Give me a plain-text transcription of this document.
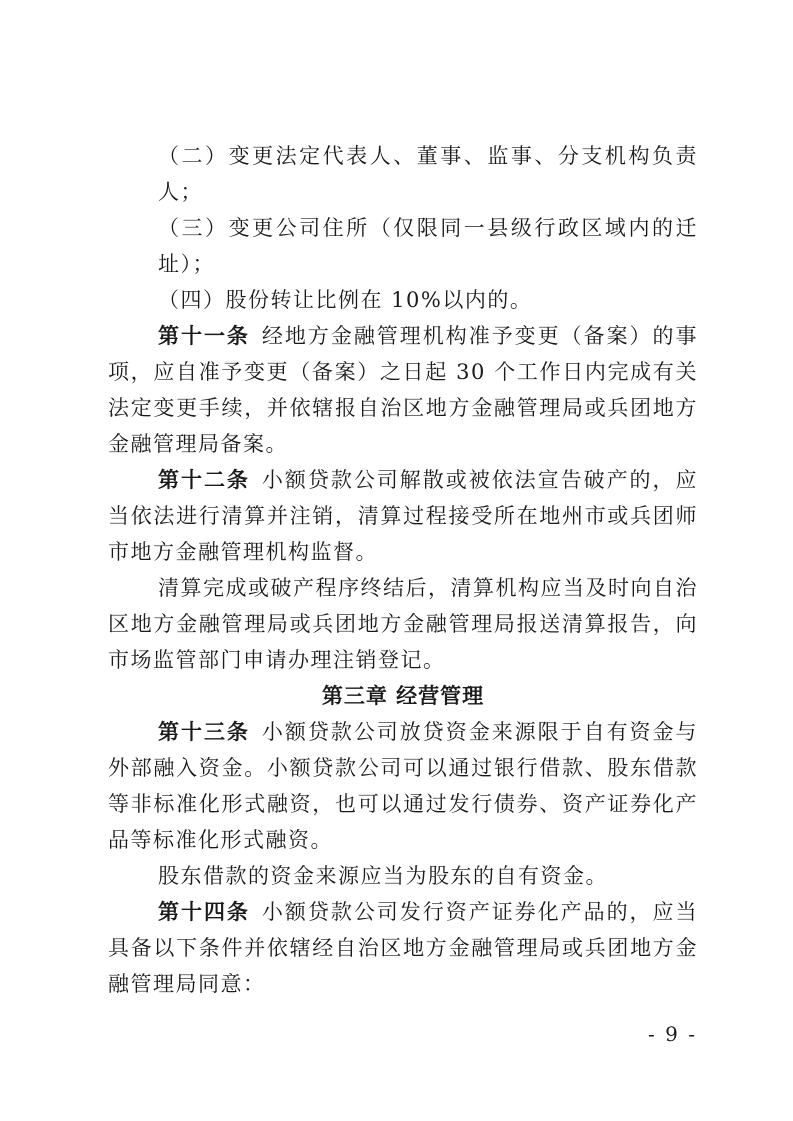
（二）变更法定代表人、董事、监事、分支机构负责人；

（三）变更公司住所（仅限同一县级行政区域内的迁址）；

（四）股份转让比例在 10%以内的。

第十一条 经地方金融管理机构准予变更（备案）的事项，应自准予变更（备案）之日起 30 个工作日内完成有关法定变更手续，并依辖报自治区地方金融管理局或兵团地方金融管理局备案。

第十二条 小额贷款公司解散或被依法宣告破产的，应当依法进行清算并注销，清算过程接受所在地州市或兵团师市地方金融管理机构监督。

清算完成或破产程序终结后，清算机构应当及时向自治区地方金融管理局或兵团地方金融管理局报送清算报告，向市场监管部门申请办理注销登记。

第三章 经营管理

第十三条 小额贷款公司放贷资金来源限于自有资金与外部融入资金。小额贷款公司可以通过银行借款、股东借款等非标准化形式融资，也可以通过发行债券、资产证券化产品等标准化形式融资。

股东借款的资金来源应当为股东的自有资金。

第十四条 小额贷款公司发行资产证券化产品的，应当具备以下条件并依辖经自治区地方金融管理局或兵团地方金融管理局同意：

- 9 -
